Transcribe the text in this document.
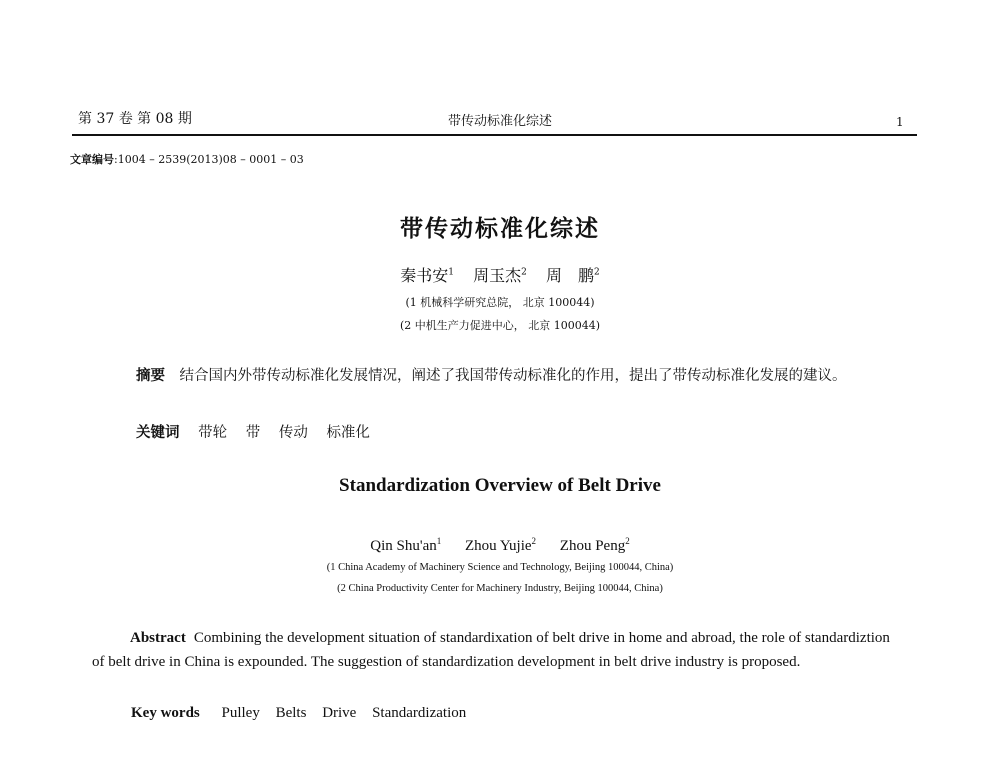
第 37 卷 第 08 期	带传动标准化综述	1
文章编号:1004 – 2539(2013)08 – 0001 – 03
带传动标准化综述
秦书安$^1$ 周玉杰$^2$ 周　鹏$^2$
(1 机械科学研究总院， 北京 100044)
(2 中机生产力促进中心， 北京 100044)
摘要　 结合国内外带传动标准化发展情况，阐述了我国带传动标准化的作用，提出了带传动标准化发展的建议。
关键词 带轮 带 传动 标准化
Standardization Overview of Belt Drive
Qin $Shu'an^1$ Zhou Yujie$^2$ Zhou Peng$^2$
(1 China Academy of Machinery Science and Technology, Beijing 100044, China)
(2 China Productivity Center for Machinery Industry, Beijing 100044, China)
Abstract Combining the development situation of standardixation of belt drive in home and abroad, the role of standardiztion of belt drive in China is expounded. The suggestion of standardization development in belt drive industry is proposed.
Key words Pulley Belts Drive Standardization
